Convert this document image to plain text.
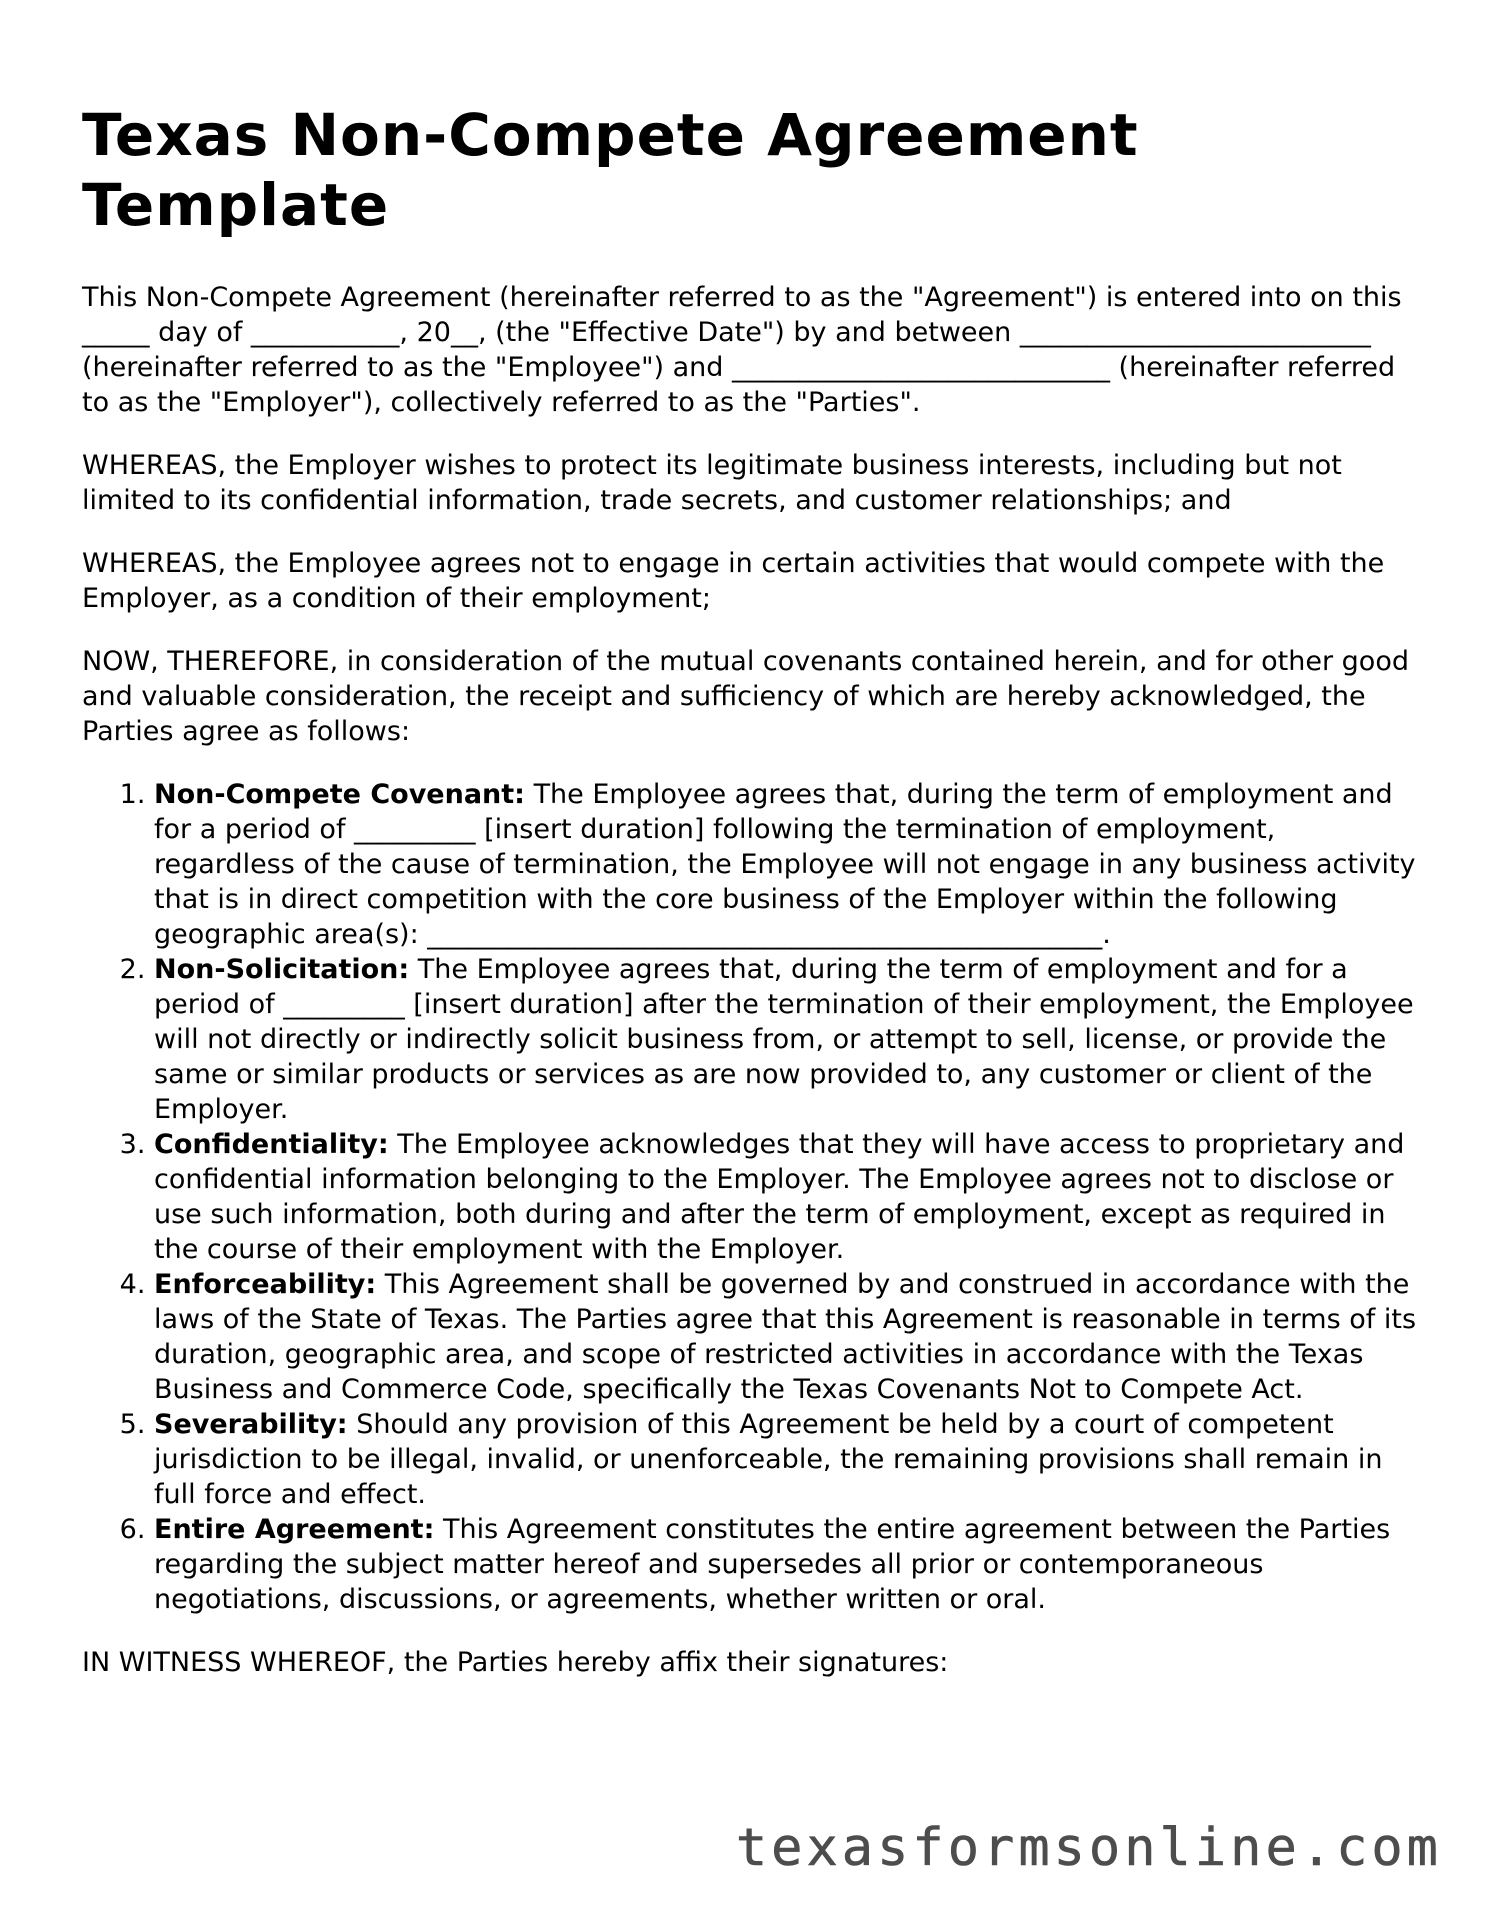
Texas Non-Compete Agreement Template

This Non-Compete Agreement (hereinafter referred to as the "Agreement") is entered into on this _____ day of ___________, 20__, (the "Effective Date") by and between __________________________ (hereinafter referred to as the "Employee") and ____________________________ (hereinafter referred to as the "Employer"), collectively referred to as the "Parties".

WHEREAS, the Employer wishes to protect its legitimate business interests, including but not limited to its confidential information, trade secrets, and customer relationships; and

WHEREAS, the Employee agrees not to engage in certain activities that would compete with the Employer, as a condition of their employment;

NOW, THEREFORE, in consideration of the mutual covenants contained herein, and for other good and valuable consideration, the receipt and sufficiency of which are hereby acknowledged, the Parties agree as follows:

1. Non-Compete Covenant: The Employee agrees that, during the term of employment and for a period of _________ [insert duration] following the termination of employment, regardless of the cause of termination, the Employee will not engage in any business activity that is in direct competition with the core business of the Employer within the following geographic area(s): __________________________________________________.
2. Non-Solicitation: The Employee agrees that, during the term of employment and for a period of _________ [insert duration] after the termination of their employment, the Employee will not directly or indirectly solicit business from, or attempt to sell, license, or provide the same or similar products or services as are now provided to, any customer or client of the Employer.
3. Confidentiality: The Employee acknowledges that they will have access to proprietary and confidential information belonging to the Employer. The Employee agrees not to disclose or use such information, both during and after the term of employment, except as required in the course of their employment with the Employer.
4. Enforceability: This Agreement shall be governed by and construed in accordance with the laws of the State of Texas. The Parties agree that this Agreement is reasonable in terms of its duration, geographic area, and scope of restricted activities in accordance with the Texas Business and Commerce Code, specifically the Texas Covenants Not to Compete Act.
5. Severability: Should any provision of this Agreement be held by a court of competent jurisdiction to be illegal, invalid, or unenforceable, the remaining provisions shall remain in full force and effect.
6. Entire Agreement: This Agreement constitutes the entire agreement between the Parties regarding the subject matter hereof and supersedes all prior or contemporaneous negotiations, discussions, or agreements, whether written or oral.

IN WITNESS WHEREOF, the Parties hereby affix their signatures:

texasformsonline.com
